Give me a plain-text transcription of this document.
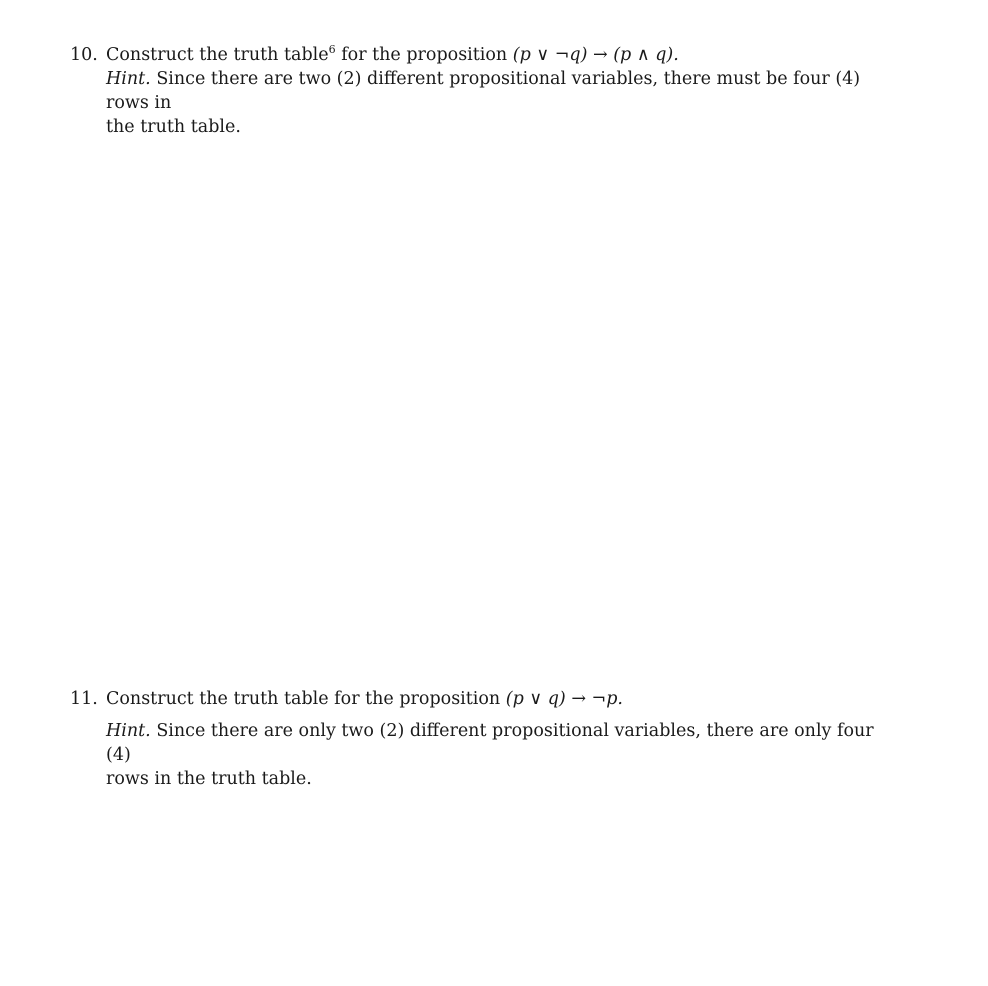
10. Construct the truth table$^6$ for the proposition (p ∨ ¬q) → (p ∧ q).
Hint. Since there are two (2) different propositional variables, there must be four (4) rows in
the truth table.
11. Construct the truth table for the proposition (p ∨ q) → ¬p.
Hint. Since there are only two (2) different propositional variables, there are only four (4)
rows in the truth table.
